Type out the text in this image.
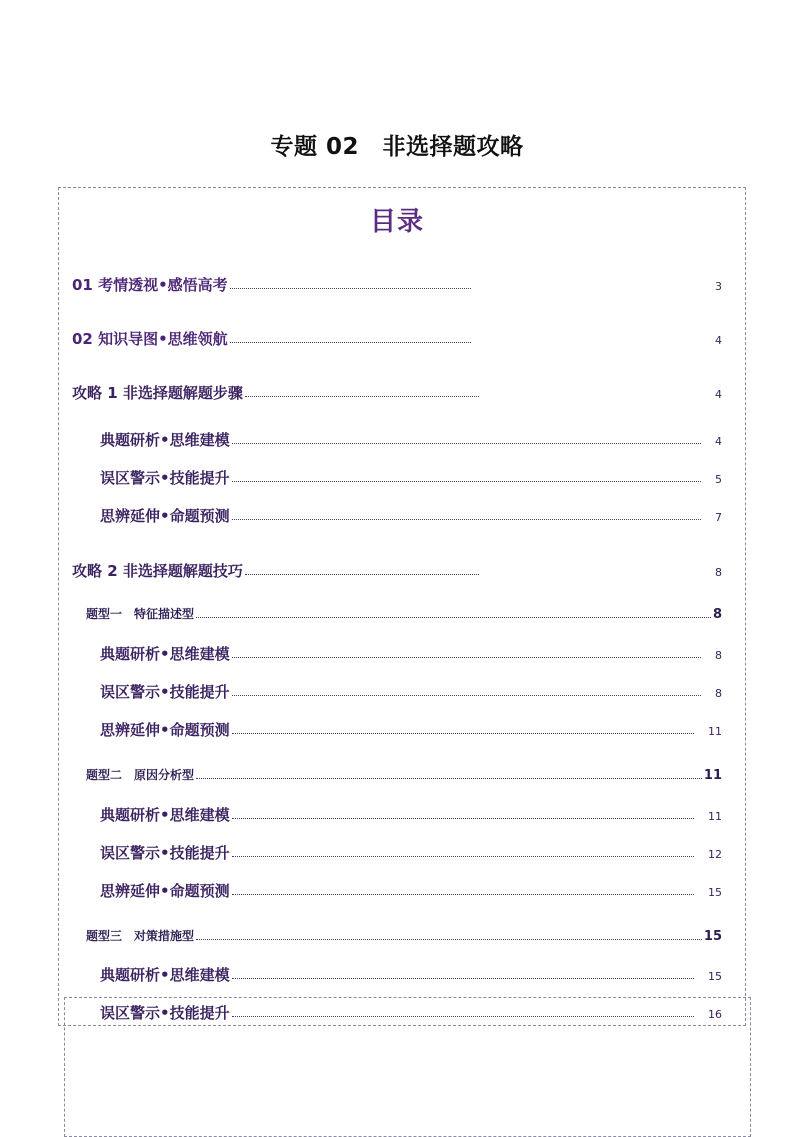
专题 02　非选择题攻略
目录
01 考情透视•感悟高考	3
02 知识导图•思维领航	4
攻略 1 非选择题解题步骤	4
典题研析•思维建模	4
误区警示•技能提升	5
思辨延伸•命题预测	7
攻略 2 非选择题解题技巧	8
题型一　特征描述型	8
典题研析•思维建模	8
误区警示•技能提升	8
思辨延伸•命题预测	11
题型二　原因分析型	11
典题研析•思维建模	11
误区警示•技能提升	12
思辨延伸•命题预测	15
题型三　对策措施型	15
典题研析•思维建模	15
误区警示•技能提升	16
